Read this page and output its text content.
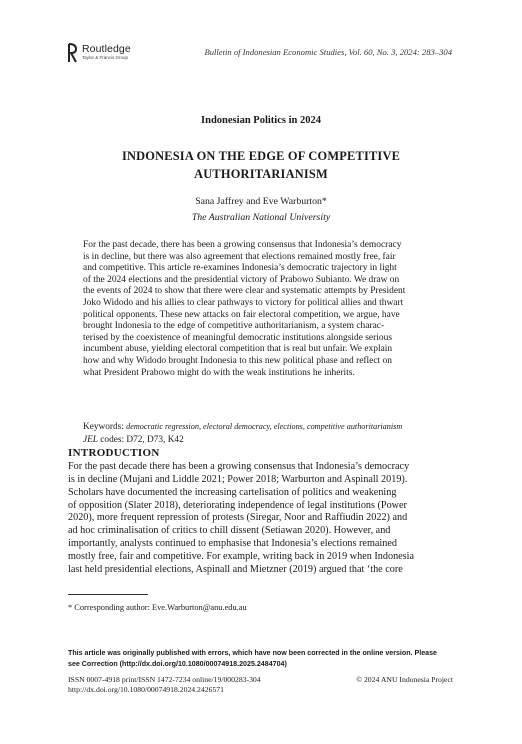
Routledge
Taylor & Francis Group
Bulletin of Indonesian Economic Studies, Vol. 60, No. 3, 2024: 283–304
Indonesian Politics in 2024
INDONESIA ON THE EDGE OF COMPETITIVE
AUTHORITARIANISM
Sana Jaffrey and Eve Warburton*
The Australian National University
For the past decade, there has been a growing consensus that Indonesia’s democracy
is in decline, but there was also agreement that elections remained mostly free, fair
and competitive. This article re-examines Indonesia’s democratic trajectory in light
of the 2024 elections and the presidential victory of Prabowo Subianto. We draw on
the events of 2024 to show that there were clear and systematic attempts by President
Joko Widodo and his allies to clear pathways to victory for political allies and thwart
political opponents. These new attacks on fair electoral competition, we argue, have
brought Indonesia to the edge of competitive authoritarianism, a system charac-
terised by the coexistence of meaningful democratic institutions alongside serious
incumbent abuse, yielding electoral competition that is real but unfair. We explain
how and why Widodo brought Indonesia to this new political phase and reflect on
what President Prabowo might do with the weak institutions he inherits.
Keywords: democratic regression, electoral democracy, elections, competitive authoritarianism
JEL codes: D72, D73, K42
INTRODUCTION
For the past decade there has been a growing consensus that Indonesia’s democracy
is in decline (Mujani and Liddle 2021; Power 2018; Warburton and Aspinall 2019).
Scholars have documented the increasing cartelisation of politics and weakening
of opposition (Slater 2018), deteriorating independence of legal institutions (Power
2020), more frequent repression of protests (Siregar, Noor and Raffiudin 2022) and
ad hoc criminalisation of critics to chill dissent (Setiawan 2020). However, and
importantly, analysts continued to emphasise that Indonesia’s elections remained
mostly free, fair and competitive. For example, writing back in 2019 when Indonesia
last held presidential elections, Aspinall and Mietzner (2019) argued that ‘the core
* Corresponding author: Eve.Warburton@anu.edu.au
This article was originally published with errors, which have now been corrected in the online version. Please
see Correction (http://dx.doi.org/10.1080/00074918.2025.2484704)
ISSN 0007-4918 print/ISSN 1472-7234 online/19/000283-304
http://dx.doi.org/10.1080/00074918.2024.2426571
© 2024 ANU Indonesia Project
